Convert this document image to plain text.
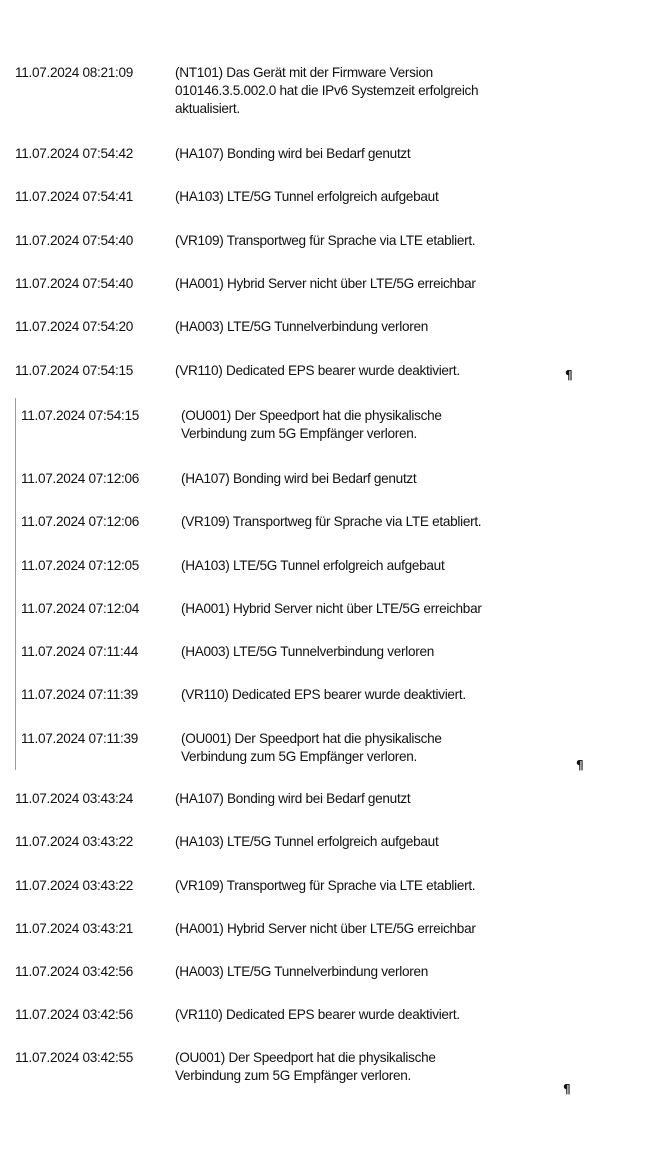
11.07.2024 08:21:09	(NT101) Das Gerät mit der Firmware Version
010146.3.5.002.0 hat die IPv6 Systemzeit erfolgreich
aktualisiert.
11.07.2024 07:54:42	(HA107) Bonding wird bei Bedarf genutzt
11.07.2024 07:54:41	(HA103) LTE/5G Tunnel erfolgreich aufgebaut
11.07.2024 07:54:40	(VR109) Transportweg für Sprache via LTE etabliert.
11.07.2024 07:54:40	(HA001) Hybrid Server nicht über LTE/5G erreichbar
11.07.2024 07:54:20	(HA003) LTE/5G Tunnelverbindung verloren
11.07.2024 07:54:15	(VR110) Dedicated EPS bearer wurde deaktiviert.	¶
11.07.2024 07:54:15	(OU001) Der Speedport hat die physikalische
Verbindung zum 5G Empfänger verloren.
11.07.2024 07:12:06	(HA107) Bonding wird bei Bedarf genutzt
11.07.2024 07:12:06	(VR109) Transportweg für Sprache via LTE etabliert.
11.07.2024 07:12:05	(HA103) LTE/5G Tunnel erfolgreich aufgebaut
11.07.2024 07:12:04	(HA001) Hybrid Server nicht über LTE/5G erreichbar
11.07.2024 07:11:44	(HA003) LTE/5G Tunnelverbindung verloren
11.07.2024 07:11:39	(VR110) Dedicated EPS bearer wurde deaktiviert.
11.07.2024 07:11:39	(OU001) Der Speedport hat die physikalische
Verbindung zum 5G Empfänger verloren.
¶
11.07.2024 03:43:24	(HA107) Bonding wird bei Bedarf genutzt
11.07.2024 03:43:22	(HA103) LTE/5G Tunnel erfolgreich aufgebaut
11.07.2024 03:43:22	(VR109) Transportweg für Sprache via LTE etabliert.
11.07.2024 03:43:21	(HA001) Hybrid Server nicht über LTE/5G erreichbar
11.07.2024 03:42:56	(HA003) LTE/5G Tunnelverbindung verloren
11.07.2024 03:42:56	(VR110) Dedicated EPS bearer wurde deaktiviert.
11.07.2024 03:42:55	(OU001) Der Speedport hat die physikalische
Verbindung zum 5G Empfänger verloren.
¶
